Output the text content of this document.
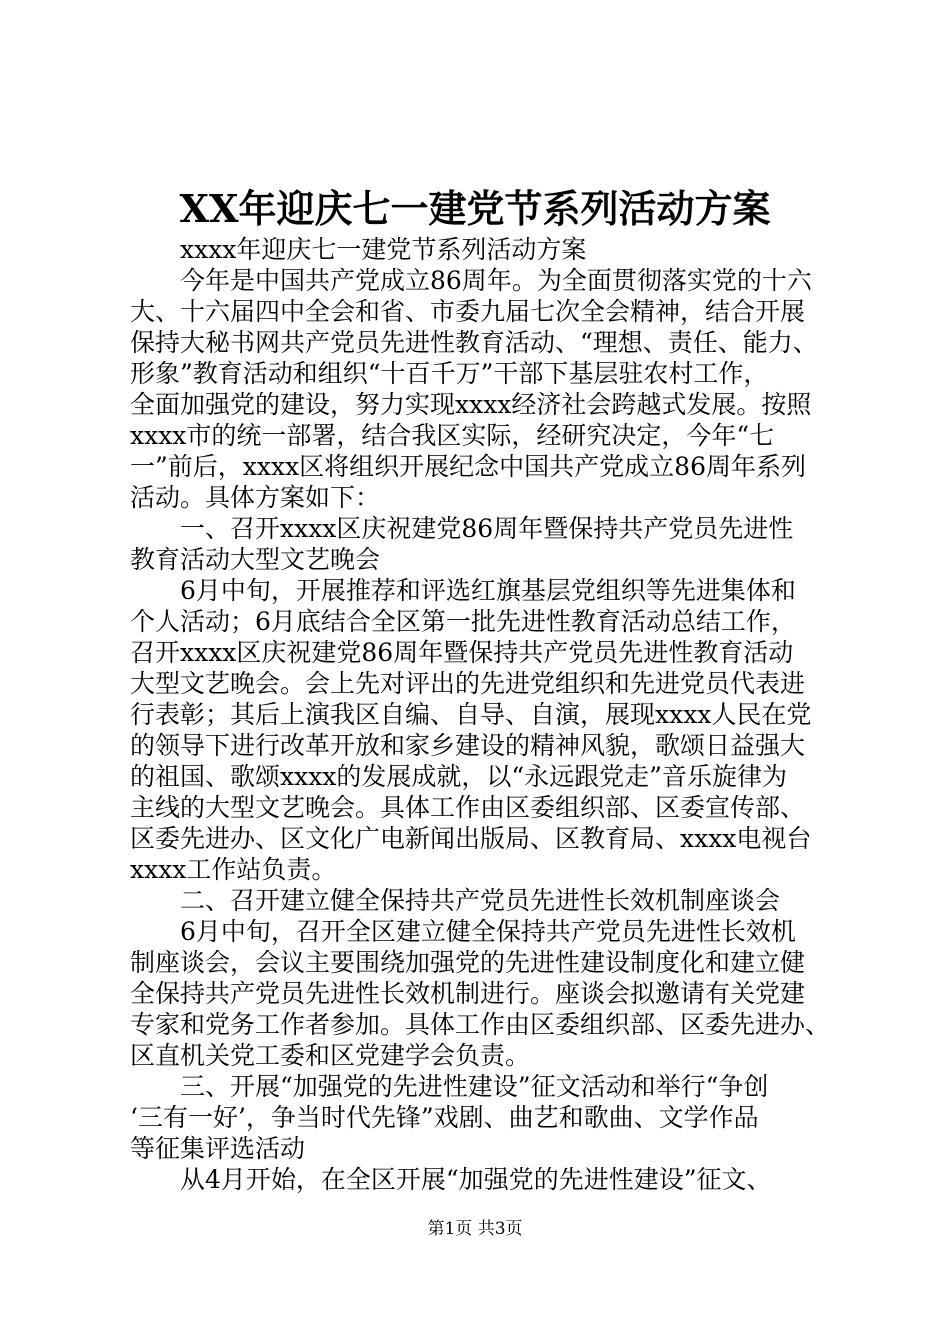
XX年迎庆七一建党节系列活动方案
xxxx年迎庆七一建党节系列活动方案
今年是中国共产党成立86周年。为全面贯彻落实党的十六
大、十六届四中全会和省、市委九届七次全会精神，结合开展
保持大秘书网共产党员先进性教育活动、“理想、责任、能力、
形象”教育活动和组织“十百千万”干部下基层驻农村工作，
全面加强党的建设，努力实现xxxx经济社会跨越式发展。按照
xxxx市的统一部署，结合我区实际，经研究决定，今年“七
一”前后，xxxx区将组织开展纪念中国共产党成立86周年系列
活动。具体方案如下：
一、召开xxxx区庆祝建党86周年暨保持共产党员先进性
教育活动大型文艺晚会
6月中旬，开展推荐和评选红旗基层党组织等先进集体和
个人活动；6月底结合全区第一批先进性教育活动总结工作，
召开xxxx区庆祝建党86周年暨保持共产党员先进性教育活动
大型文艺晚会。会上先对评出的先进党组织和先进党员代表进
行表彰；其后上演我区自编、自导、自演，展现xxxx人民在党
的领导下进行改革开放和家乡建设的精神风貌，歌颂日益强大
的祖国、歌颂xxxx的发展成就，以“永远跟党走”音乐旋律为
主线的大型文艺晚会。具体工作由区委组织部、区委宣传部、
区委先进办、区文化广电新闻出版局、区教育局、xxxx电视台
xxxx工作站负责。
二、召开建立健全保持共产党员先进性长效机制座谈会
6月中旬，召开全区建立健全保持共产党员先进性长效机
制座谈会，会议主要围绕加强党的先进性建设制度化和建立健
全保持共产党员先进性长效机制进行。座谈会拟邀请有关党建
专家和党务工作者参加。具体工作由区委组织部、区委先进办、
区直机关党工委和区党建学会负责。
三、开展“加强党的先进性建设”征文活动和举行“争创
‘三有一好’，争当时代先锋”戏剧、曲艺和歌曲、文学作品
等征集评选活动
从4月开始，在全区开展“加强党的先进性建设”征文、
第1页 共3页
